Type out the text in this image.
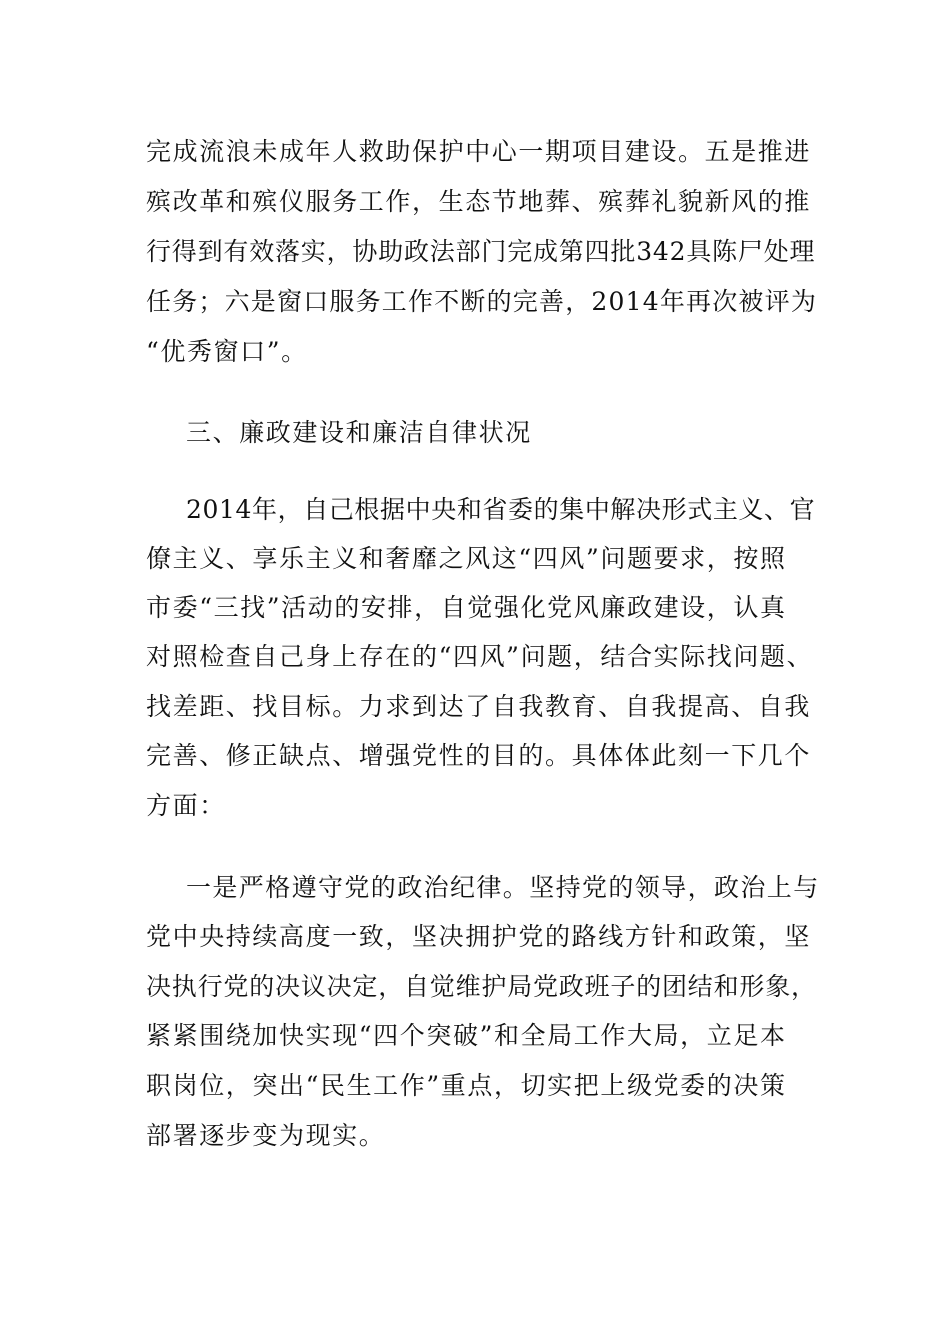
完成流浪未成年人救助保护中心一期项目建设。五是推进
殡改革和殡仪服务工作，生态节地葬、殡葬礼貌新风的推
行得到有效落实，协助政法部门完成第四批342具陈尸处理
任务；六是窗口服务工作不断的完善，2014年再次被评为
“优秀窗口”。
三、廉政建设和廉洁自律状况
2014年，自己根据中央和省委的集中解决形式主义、官
僚主义、享乐主义和奢靡之风这“四风”问题要求，按照
市委“三找”活动的安排，自觉强化党风廉政建设，认真
对照检查自己身上存在的“四风”问题，结合实际找问题、
找差距、找目标。力求到达了自我教育、自我提高、自我
完善、修正缺点、增强党性的目的。具体体此刻一下几个
方面：
一是严格遵守党的政治纪律。坚持党的领导，政治上与
党中央持续高度一致，坚决拥护党的路线方针和政策，坚
决执行党的决议决定，自觉维护局党政班子的团结和形象，
紧紧围绕加快实现“四个突破”和全局工作大局，立足本
职岗位，突出“民生工作”重点，切实把上级党委的决策
部署逐步变为现实。
